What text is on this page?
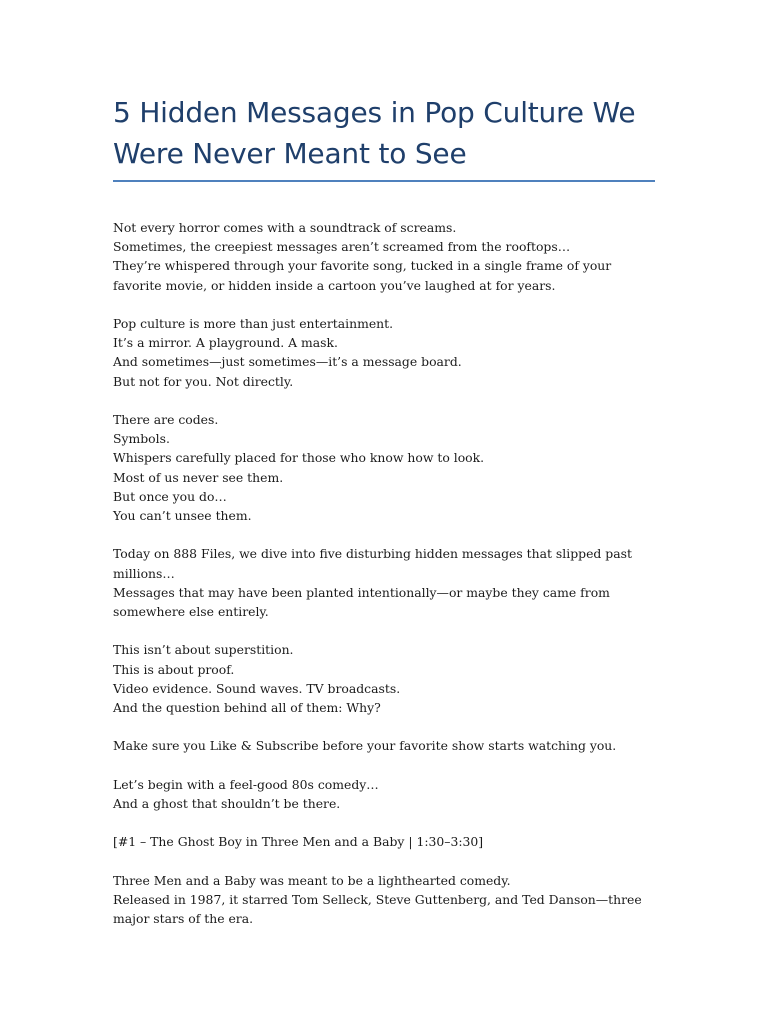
5 Hidden Messages in Pop Culture We Were Never Meant to See
Not every horror comes with a soundtrack of screams.
Sometimes, the creepiest messages aren’t screamed from the rooftops…
They’re whispered through your favorite song, tucked in a single frame of your favorite movie, or hidden inside a cartoon you’ve laughed at for years.
Pop culture is more than just entertainment.
It’s a mirror. A playground. A mask.
And sometimes—just sometimes—it’s a message board.
But not for you. Not directly.
There are codes.
Symbols.
Whispers carefully placed for those who know how to look.
Most of us never see them.
But once you do…
You can’t unsee them.
Today on 888 Files, we dive into five disturbing hidden messages that slipped past millions…
Messages that may have been planted intentionally—or maybe they came from somewhere else entirely.
This isn’t about superstition.
This is about proof.
Video evidence. Sound waves. TV broadcasts.
And the question behind all of them: Why?
Make sure you Like & Subscribe before your favorite show starts watching you.
Let’s begin with a feel-good 80s comedy…
And a ghost that shouldn’t be there.
[#1 – The Ghost Boy in Three Men and a Baby | 1:30–3:30]
Three Men and a Baby was meant to be a lighthearted comedy.
Released in 1987, it starred Tom Selleck, Steve Guttenberg, and Ted Danson—three major stars of the era.
